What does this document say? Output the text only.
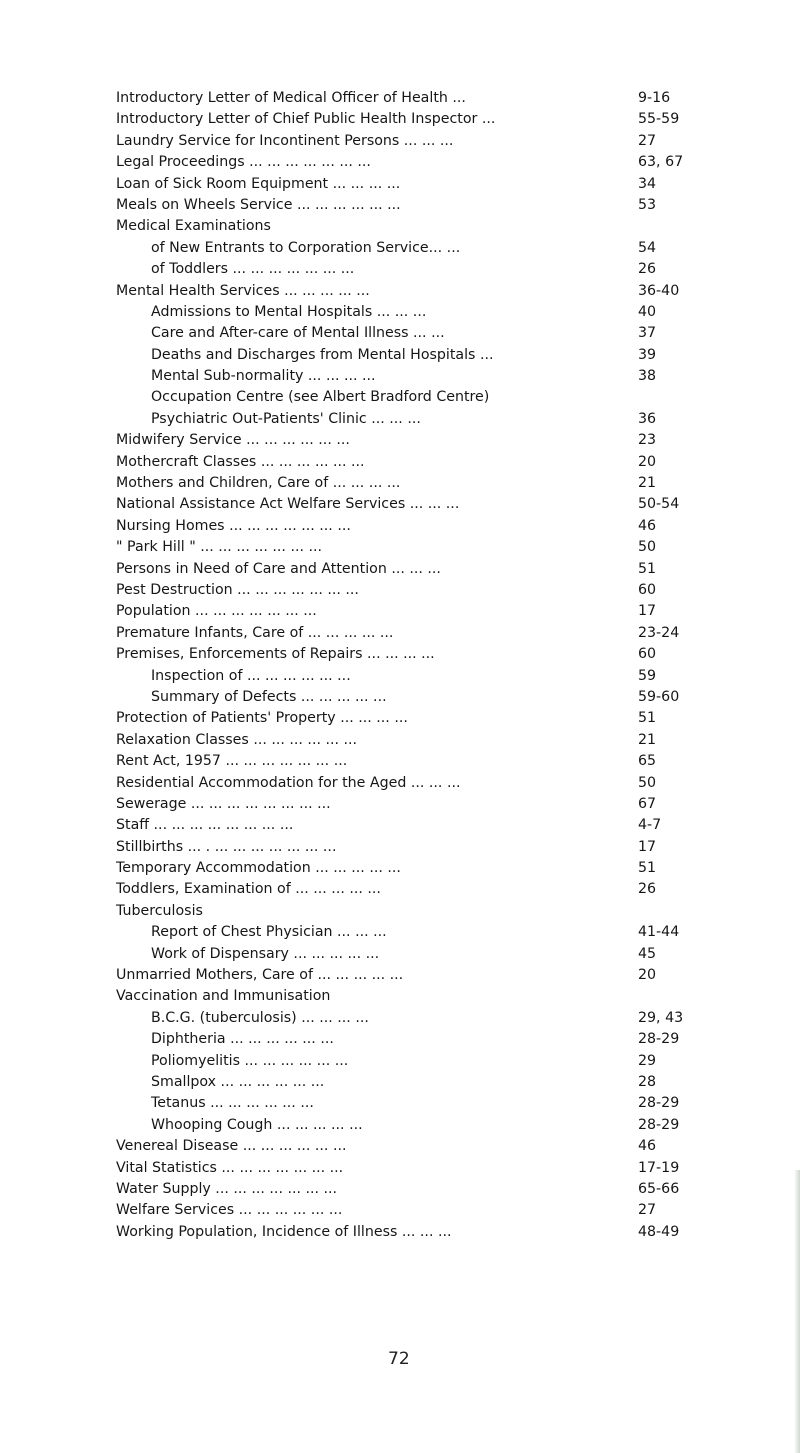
Introductory Letter of Medical Officer of Health ...	9-16
Introductory Letter of Chief Public Health Inspector ...	55-59
Laundry Service for Incontinent Persons ... ... ...	27
Legal Proceedings ... ... ... ... ... ... ...	63, 67
Loan of Sick Room Equipment ... ... ... ...	34
Meals on Wheels Service ... ... ... ... ... ...	53
Medical Examinations
of New Entrants to Corporation Service... ...	54
of Toddlers ... ... ... ... ... ... ...	26
Mental Health Services ... ... ... ... ...	36-40
Admissions to Mental Hospitals ... ... ...	40
Care and After-care of Mental Illness ... ...	37
Deaths and Discharges from Mental Hospitals ...	39
Mental Sub-normality ... ... ... ...	38
Occupation Centre (see Albert Bradford Centre)
Psychiatric Out-Patients' Clinic ... ... ...	36
Midwifery Service ... ... ... ... ... ...	23
Mothercraft Classes ... ... ... ... ... ...	20
Mothers and Children, Care of ... ... ... ...	21
National Assistance Act Welfare Services ... ... ...	50-54
Nursing Homes ... ... ... ... ... ... ...	46
" Park Hill " ... ... ... ... ... ... ...	50
Persons in Need of Care and Attention ... ... ...	51
Pest Destruction ... ... ... ... ... ... ...	60
Population ... ... ... ... ... ... ...	17
Premature Infants, Care of ... ... ... ... ...	23-24
Premises, Enforcements of Repairs ... ... ... ...	60
Inspection of ... ... ... ... ... ...	59
Summary of Defects ... ... ... ... ...	59-60
Protection of Patients' Property ... ... ... ...	51
Relaxation Classes ... ... ... ... ... ...	21
Rent Act, 1957 ... ... ... ... ... ... ...	65
Residential Accommodation for the Aged ... ... ...	50
Sewerage ... ... ... ... ... ... ... ...	67
Staff ... ... ... ... ... ... ... ...	4-7
Stillbirths ... . ... ... ... ... ... ... ...	17
Temporary Accommodation ... ... ... ... ...	51
Toddlers, Examination of ... ... ... ... ...	26
Tuberculosis
Report of Chest Physician ... ... ...	41-44
Work of Dispensary ... ... ... ... ...	45
Unmarried Mothers, Care of ... ... ... ... ...	20
Vaccination and Immunisation
B.C.G. (tuberculosis) ... ... ... ...	29, 43
Diphtheria ... ... ... ... ... ...	28-29
Poliomyelitis ... ... ... ... ... ...	29
Smallpox ... ... ... ... ... ...	28
Tetanus ... ... ... ... ... ...	28-29
Whooping Cough ... ... ... ... ...	28-29
Venereal Disease ... ... ... ... ... ...	46
Vital Statistics ... ... ... ... ... ... ...	17-19
Water Supply ... ... ... ... ... ... ...	65-66
Welfare Services ... ... ... ... ... ...	27
Working Population, Incidence of Illness ... ... ...	48-49
72
